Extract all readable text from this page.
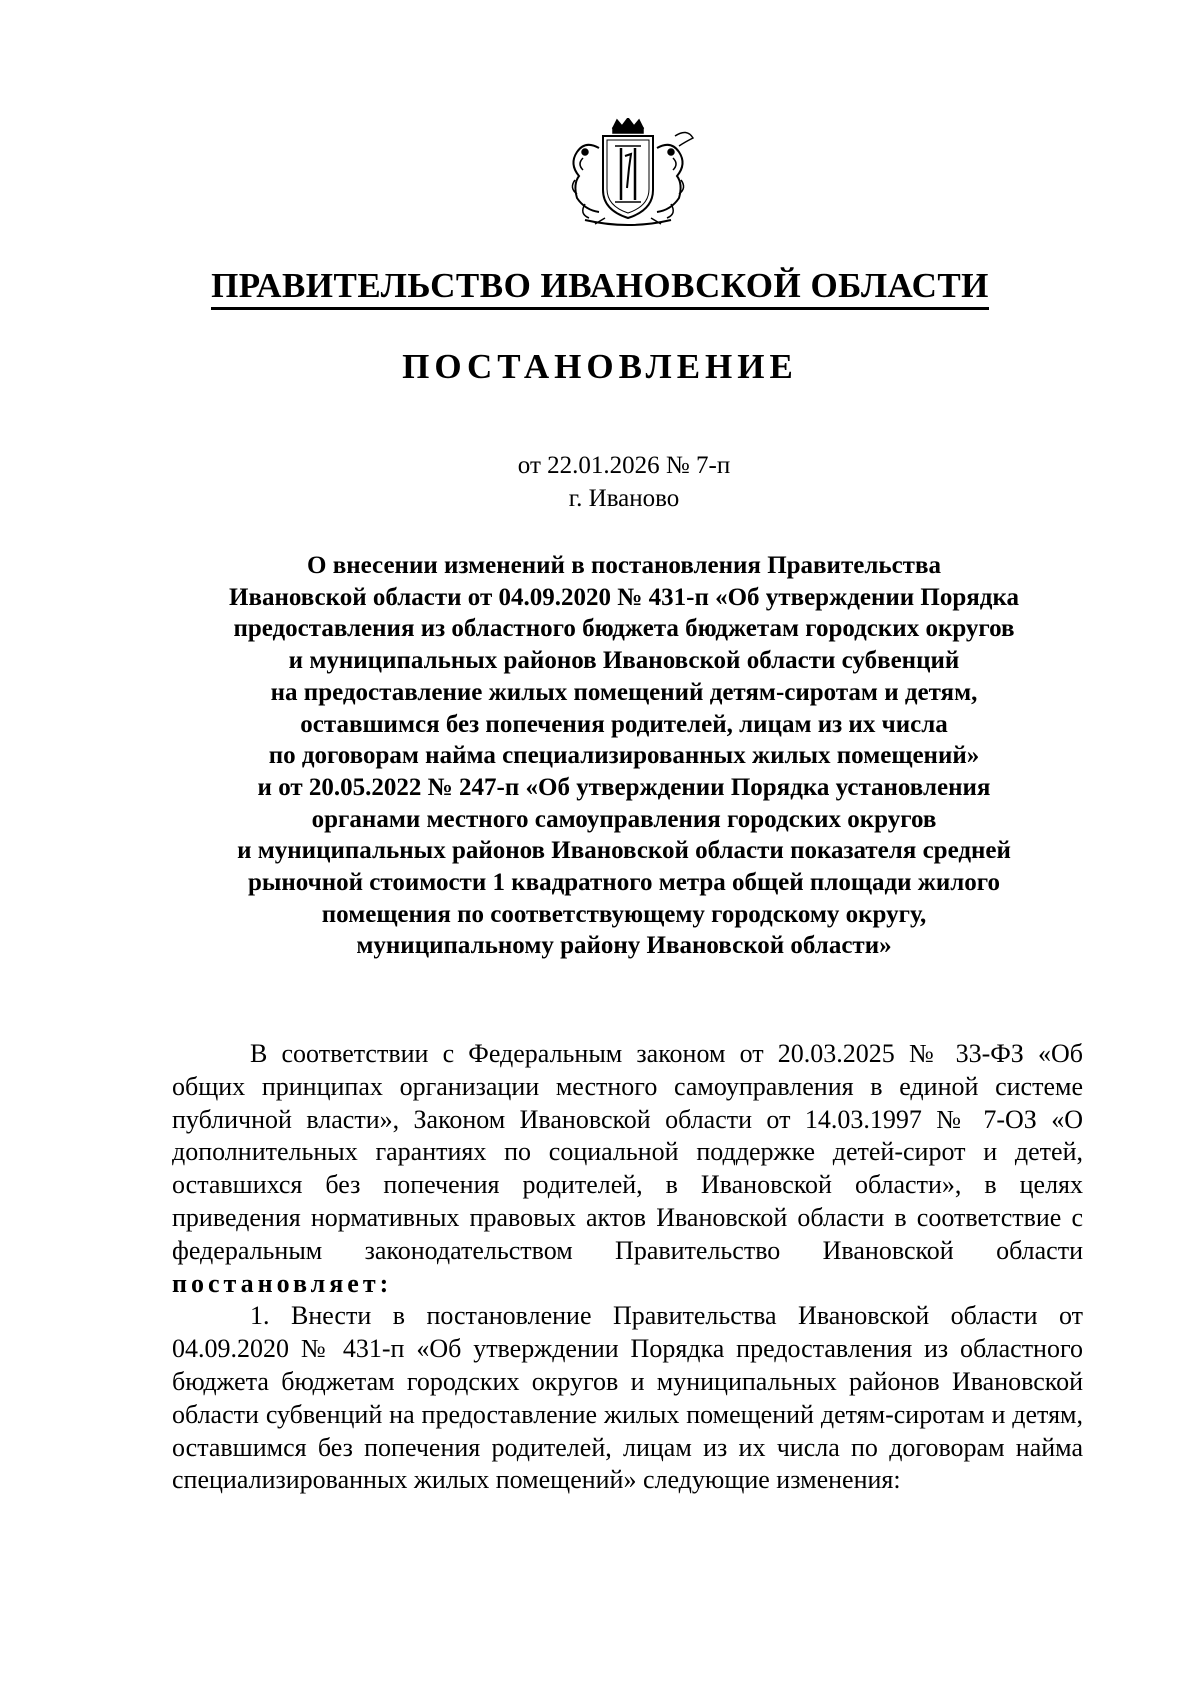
ПРАВИТЕЛЬСТВО ИВАНОВСКОЙ ОБЛАСТИ
ПОСТАНОВЛЕНИЕ
от 22.01.2026 № 7-п
г. Иваново
О внесении изменений в постановления Правительства
Ивановской области от 04.09.2020 № 431-п «Об утверждении Порядка
предоставления из областного бюджета бюджетам городских округов
и муниципальных районов Ивановской области субвенций
на предоставление жилых помещений детям-сиротам и детям,
оставшимся без попечения родителей, лицам из их числа
по договорам найма специализированных жилых помещений»
и от 20.05.2022 № 247-п «Об утверждении Порядка установления
органами местного самоуправления городских округов
и муниципальных районов Ивановской области показателя средней
рыночной стоимости 1 квадратного метра общей площади жилого
помещения по соответствующему городскому округу,
муниципальному району Ивановской области»

В соответствии с Федеральным законом от 20.03.2025 № 33-ФЗ «Об общих принципах организации местного самоуправления в единой системе публичной власти», Законом Ивановской области от 14.03.1997 № 7-ОЗ «О дополнительных гарантиях по социальной поддержке детей-сирот и детей, оставшихся без попечения родителей, в Ивановской области», в целях приведения нормативных правовых актов Ивановской области в соответствие с федеральным законодательством Правительство Ивановской области постановляет:

1. Внести в постановление Правительства Ивановской области от 04.09.2020 № 431-п «Об утверждении Порядка предоставления из областного бюджета бюджетам городских округов и муниципальных районов Ивановской области субвенций на предоставление жилых помещений детям-сиротам и детям, оставшимся без попечения родителей, лицам из их числа по договорам найма специализированных жилых помещений» следующие изменения:
